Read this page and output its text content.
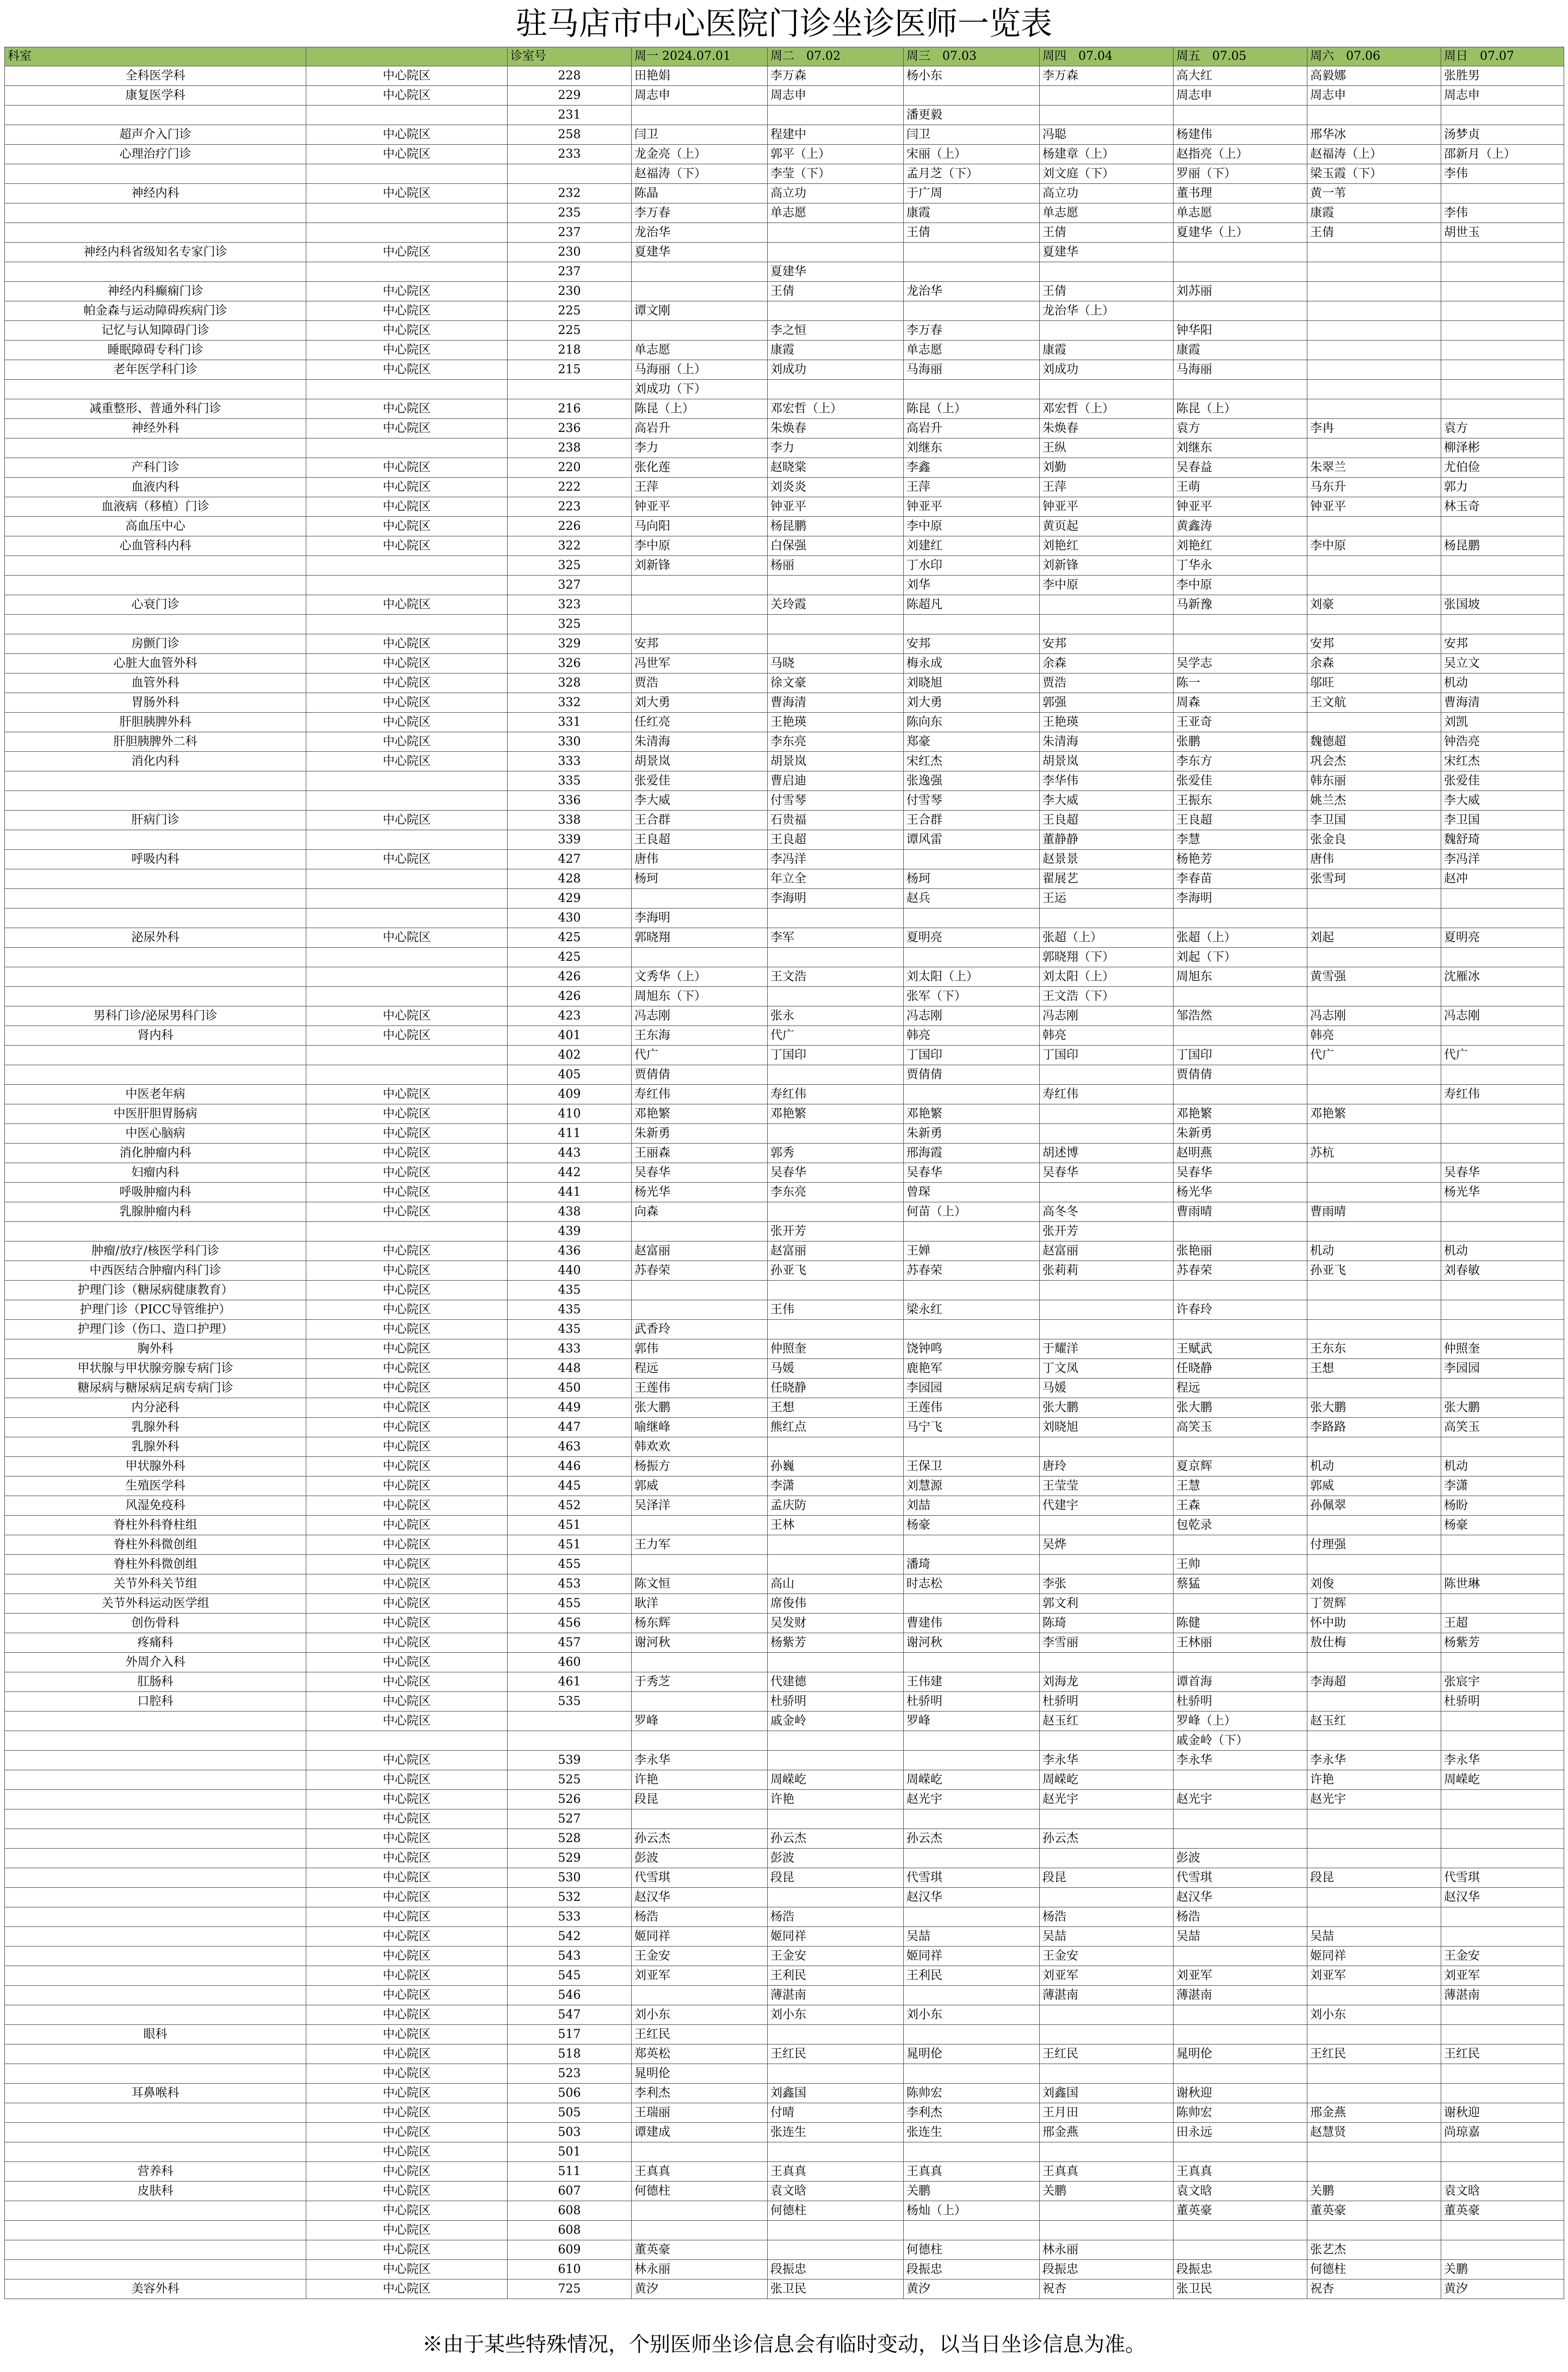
驻马店市中心医院门诊坐诊医师一览表
科室		诊室号	周一 2024.07.01	周二　07.02	周三　07.03	周四　07.04	周五　07.05	周六　07.06	周日　07.07
全科医学科	中心院区	228	田艳娟	李万森	杨小东	李万森	高大红	高毅娜	张胜男
康复医学科	中心院区	229	周志申	周志申			周志申	周志申	周志申
		231			潘更毅				
超声介入门诊	中心院区	258	闫卫	程建中	闫卫	冯聪	杨建伟	邢华冰	汤梦贞
心理治疗门诊	中心院区	233	龙金亮（上）	郭平（上）	宋丽（上）	杨建章（上）	赵指亮（上）	赵福涛（上）	邵新月（上）
			赵福涛（下）	李莹（下）	孟月芝（下）	刘文庭（下）	罗丽（下）	梁玉霞（下）	李伟
神经内科	中心院区	232	陈晶	高立功	于广周	高立功	董书理	黄一苇	
		235	李万春	单志愿	康霞	单志愿	单志愿	康霞	李伟
		237	龙治华		王倩	王倩	夏建华（上）	王倩	胡世玉
神经内科省级知名专家门诊	中心院区	230	夏建华			夏建华			
		237		夏建华					
神经内科癫痫门诊	中心院区	230		王倩	龙治华	王倩	刘苏丽		
帕金森与运动障碍疾病门诊	中心院区	225	谭文刚			龙治华（上）			
记忆与认知障碍门诊	中心院区	225		李之恒	李万春		钟华阳		
睡眠障碍专科门诊	中心院区	218	单志愿	康霞	单志愿	康霞	康霞		
老年医学科门诊	中心院区	215	马海丽（上）	刘成功	马海丽	刘成功	马海丽		
			刘成功（下）						
减重整形、普通外科门诊	中心院区	216	陈昆（上）	邓宏哲（上）	陈昆（上）	邓宏哲（上）	陈昆（上）		
神经外科	中心院区	236	高岩升	朱焕春	高岩升	朱焕春	袁方	李冉	袁方
		238	李力	李力	刘继东	王纵	刘继东		柳泽彬
产科门诊	中心院区	220	张化莲	赵晓棠	李鑫	刘勤	吴春益	朱翠兰	尤伯俭
血液内科	中心院区	222	王萍	刘炎炎	王萍	王萍	王萌	马东升	郭力
血液病（移植）门诊	中心院区	223	钟亚平	钟亚平	钟亚平	钟亚平	钟亚平	钟亚平	林玉奇
高血压中心	中心院区	226	马向阳	杨昆鹏	李中原	黄页起	黄鑫涛		
心血管科内科	中心院区	322	李中原	白保强	刘建红	刘艳红	刘艳红	李中原	杨昆鹏
		325	刘新锋	杨丽	丁水印	刘新锋	丁华永		
		327			刘华	李中原	李中原		
心衰门诊	中心院区	323		关玲霞	陈超凡		马新豫	刘豪	张国坡
		325							
房颤门诊	中心院区	329	安邦		安邦	安邦		安邦	安邦
心脏大血管外科	中心院区	326	冯世军	马晓	梅永成	余森	吴学志	余森	吴立文
血管外科	中心院区	328	贾浩	徐文豪	刘晓旭	贾浩	陈一	邬旺	机动
胃肠外科	中心院区	332	刘大勇	曹海清	刘大勇	郭强	周森	王文航	曹海清
肝胆胰脾外科	中心院区	331	任红亮	王艳瑛	陈向东	王艳瑛	王亚奇		刘凯
肝胆胰脾外二科	中心院区	330	朱清海	李东亮	郑豪	朱清海	张鹏	魏德超	钟浩亮
消化内科	中心院区	333	胡景岚	胡景岚	宋红杰	胡景岚	李东方	巩会杰	宋红杰
		335	张爱佳	曹启迪	张逸强	李华伟	张爱佳	韩东丽	张爱佳
		336	李大威	付雪琴	付雪琴	李大威	王振东	姚兰杰	李大威
肝病门诊	中心院区	338	王合群	石贵福	王合群	王良超	王良超	李卫国	李卫国
		339	王良超	王良超	谭风雷	董静静	李慧	张金良	魏舒琦
呼吸内科	中心院区	427	唐伟	李冯洋		赵景景	杨艳芳	唐伟	李冯洋
		428	杨珂	年立全	杨珂	翟展艺	李春苗	张雪珂	赵冲
		429		李海明	赵兵	王运	李海明		
		430	李海明						
泌尿外科	中心院区	425	郭晓翔	李军	夏明亮	张超（上）	张超（上）	刘起	夏明亮
		425				郭晓翔（下）	刘起（下）		
		426	文秀华（上）	王文浩	刘太阳（上）	刘太阳（上）	周旭东	黄雪强	沈雁冰
		426	周旭东（下）		张军（下）	王文浩（下）			
男科门诊/泌尿男科门诊	中心院区	423	冯志刚	张永	冯志刚	冯志刚	邹浩然	冯志刚	冯志刚
肾内科	中心院区	401	王东海	代广	韩亮	韩亮		韩亮	
		402	代广	丁国印	丁国印	丁国印	丁国印	代广	代广
		405	贾倩倩		贾倩倩		贾倩倩		
中医老年病	中心院区	409	寿红伟	寿红伟		寿红伟			寿红伟
中医肝胆胃肠病	中心院区	410	邓艳繁	邓艳繁	邓艳繁		邓艳繁	邓艳繁	
中医心脑病	中心院区	411	朱新勇		朱新勇		朱新勇		
消化肿瘤内科	中心院区	443	王丽森	郭秀	邢海霞	胡述博	赵明燕	苏杭	
妇瘤内科	中心院区	442	吴春华	吴春华	吴春华	吴春华	吴春华		吴春华
呼吸肿瘤内科	中心院区	441	杨光华	李东亮	曾琛		杨光华		杨光华
乳腺肿瘤内科	中心院区	438	向森		何苗（上）	高冬冬	曹雨晴	曹雨晴	
		439		张开芳		张开芳			
肿瘤/放疗/核医学科门诊	中心院区	436	赵富丽	赵富丽	王婵	赵富丽	张艳丽	机动	机动
中西医结合肿瘤内科门诊	中心院区	440	苏春荣	孙亚飞	苏春荣	张莉莉	苏春荣	孙亚飞	刘春敏
护理门诊（糖尿病健康教育）	中心院区	435							
护理门诊（PICC导管维护）	中心院区	435		王伟	梁永红		许春玲		
护理门诊（伤口、造口护理）	中心院区	435	武香玲						
胸外科	中心院区	433	郭伟	仲照奎	饶钟鸣	于耀洋	王赋武	王东东	仲照奎
甲状腺与甲状腺旁腺专病门诊	中心院区	448	程远	马媛	鹿艳军	丁文凤	任晓静	王想	李园园
糖尿病与糖尿病足病专病门诊	中心院区	450	王莲伟	任晓静	李园园	马媛	程远		
内分泌科	中心院区	449	张大鹏	王想	王莲伟	张大鹏	张大鹏	张大鹏	张大鹏
乳腺外科	中心院区	447	喻继峰	熊红点	马宁飞	刘晓旭	高笑玉	李路路	高笑玉
乳腺外科	中心院区	463	韩欢欢						
甲状腺外科	中心院区	446	杨振方	孙巍	王保卫	唐玲	夏京辉	机动	机动
生殖医学科	中心院区	445	郭威	李潇	刘慧源	王莹莹	王慧	郭威	李潇
风湿免疫科	中心院区	452	吴泽洋	孟庆防	刘喆	代建宇	王森	孙佩翠	杨盼
脊柱外科脊柱组	中心院区	451		王林	杨豪		包乾录		杨豪
脊柱外科微创组	中心院区	451	王力军			吴烨		付理强	
脊柱外科微创组	中心院区	455			潘琦		王帅		
关节外科关节组	中心院区	453	陈文恒	高山	时志松	李张	蔡猛	刘俊	陈世琳
关节外科运动医学组	中心院区	455	耿洋	席俊伟		郭文利		丁贺辉	
创伤骨科	中心院区	456	杨东辉	吴发财	曹建伟	陈琦	陈健	怀中助	王超
疼痛科	中心院区	457	谢河秋	杨紫芳	谢河秋	李雪丽	王林丽	敖仕梅	杨紫芳
外周介入科	中心院区	460							
肛肠科	中心院区	461	于秀芝	代建德	王伟建	刘海龙	谭首海	李海超	张宸宇
口腔科	中心院区	535		杜骄明	杜骄明	杜骄明	杜骄明		杜骄明
	中心院区		罗峰	戚金岭	罗峰	赵玉红	罗峰（上）	赵玉红	
							戚金岭（下）		
	中心院区	539	李永华			李永华	李永华	李永华	李永华
	中心院区	525	许艳	周嵘屹	周嵘屹	周嵘屹		许艳	周嵘屹
	中心院区	526	段昆	许艳	赵光宇	赵光宇	赵光宇	赵光宇	
	中心院区	527							
	中心院区	528	孙云杰	孙云杰	孙云杰	孙云杰			
	中心院区	529	彭波	彭波			彭波		
	中心院区	530	代雪琪	段昆	代雪琪	段昆	代雪琪	段昆	代雪琪
	中心院区	532	赵汉华		赵汉华		赵汉华		赵汉华
	中心院区	533	杨浩	杨浩		杨浩	杨浩		
	中心院区	542	姬同祥	姬同祥	吴喆	吴喆	吴喆	吴喆	
	中心院区	543	王金安	王金安	姬同祥	王金安		姬同祥	王金安
	中心院区	545	刘亚军	王利民	王利民	刘亚军	刘亚军	刘亚军	刘亚军
	中心院区	546		薄湛南		薄湛南	薄湛南		薄湛南
	中心院区	547	刘小东	刘小东	刘小东			刘小东	
眼科	中心院区	517	王红民						
	中心院区	518	郑英松	王红民	晁明伦	王红民	晁明伦	王红民	王红民
	中心院区	523	晁明伦						
耳鼻喉科	中心院区	506	李利杰	刘鑫国	陈帅宏	刘鑫国	谢秋迎		
	中心院区	505	王瑞丽	付晴	李利杰	王月田	陈帅宏	邢金燕	谢秋迎
	中心院区	503	谭建成	张连生	张连生	邢金燕	田永远	赵慧贤	尚琼嘉
	中心院区	501							
营养科	中心院区	511	王真真	王真真	王真真	王真真	王真真		
皮肤科	中心院区	607	何德柱	袁文晗	关鹏	关鹏	袁文晗	关鹏	袁文晗
	中心院区	608		何德柱	杨灿（上）		董英豪	董英豪	董英豪
	中心院区	608							
	中心院区	609	董英豪		何德柱	林永丽		张艺杰	
	中心院区	610	林永丽	段振忠	段振忠	段振忠	段振忠	何德柱	关鹏
美容外科	中心院区	725	黄汐	张卫民	黄汐	祝杏	张卫民	祝杏	黄汐
※由于某些特殊情况，个别医师坐诊信息会有临时变动，以当日坐诊信息为准。
